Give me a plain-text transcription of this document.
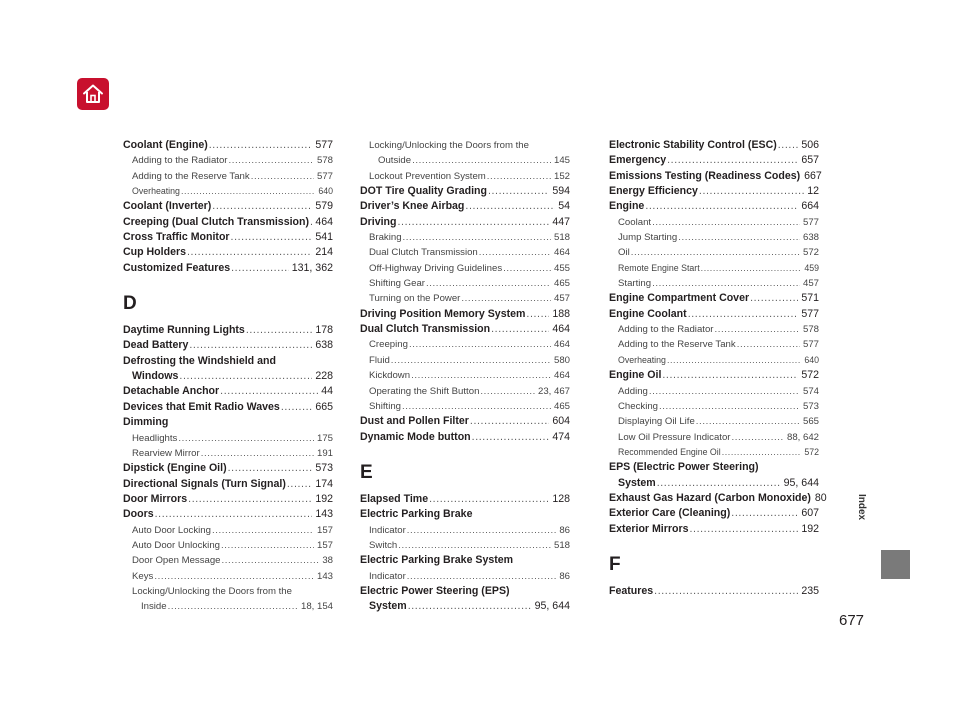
Coolant (Engine) .....	577
Adding to the Radiator .....	578
Adding to the Reserve Tank .....	577
Overheating .....	640
Coolant (Inverter) .....	579
Creeping (Dual Clutch Transmission) ..... 464
Cross Traffic Monitor .....	541
Cup Holders .....	214
Customized Features .....	131, 362
D
Daytime Running Lights .....	178
Dead Battery .....	638
Defrosting the Windshield and
Windows .....	228
Detachable Anchor .....	44
Devices that Emit Radio Waves .....	665
Dimming
Headlights .....	175
Rearview Mirror .....	191
Dipstick (Engine Oil) .....	573
Directional Signals (Turn Signal) .....	174
Door Mirrors .....	192
Doors .....	143
Auto Door Locking .....	157
Auto Door Unlocking .....	157
Door Open Message .....	38
Keys .....	143
Locking/Unlocking the Doors from the
Inside .....	18, 154
Locking/Unlocking the Doors from the
Outside .....	145
Lockout Prevention System .....	152
DOT Tire Quality Grading .....	594
Driver’s Knee Airbag .....	54
Driving .....	447
Braking .....	518
Dual Clutch Transmission .....	464
Off-Highway Driving Guidelines .....	455
Shifting Gear .....	465
Turning on the Power .....	457
Driving Position Memory System .....	188
Dual Clutch Transmission .....	464
Creeping .....	464
Fluid .....	580
Kickdown .....	464
Operating the Shift Button .....	23, 467
Shifting .....	465
Dust and Pollen Filter .....	604
Dynamic Mode button .....	474
E
Elapsed Time .....	128
Electric Parking Brake
Indicator .....	86
Switch .....	518
Electric Parking Brake System
Indicator .....	86
Electric Power Steering (EPS)
System .....	95, 644
Electronic Stability Control (ESC) ..... 506
Emergency .....	657
Emissions Testing (Readiness Codes) 667
Energy Efficiency .....	12
Engine .....	664
Coolant .....	577
Jump Starting .....	638
Oil .....	572
Remote Engine Start .....	459
Starting .....	457
Engine Compartment Cover .....	571
Engine Coolant .....	577
Adding to the Radiator .....	578
Adding to the Reserve Tank .....	577
Overheating .....	640
Engine Oil .....	572
Adding .....	574
Checking .....	573
Displaying Oil Life .....	565
Low Oil Pressure Indicator .....	88, 642
Recommended Engine Oil .....	572
EPS (Electric Power Steering)
System .....	95, 644
Exhaust Gas Hazard (Carbon Monoxide) 80
Exterior Care (Cleaning) .....	607
Exterior Mirrors .....	192
F
Features .....	235
Index
677
